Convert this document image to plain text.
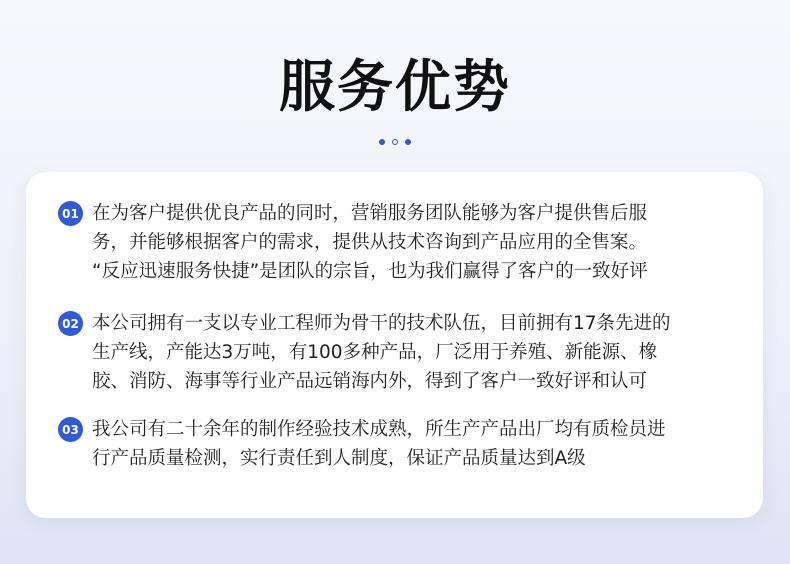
服务优势
01 在为客户提供优良产品的同时，营销服务团队能够为客户提供售后服
务，并能够根据客户的需求，提供从技术咨询到产品应用的全售案。
“反应迅速服务快捷”是团队的宗旨，也为我们赢得了客户的一致好评
02 本公司拥有一支以专业工程师为骨干的技术队伍，目前拥有17条先进的
生产线，产能达3万吨，有100多种产品，厂泛用于养殖、新能源、橡
胶、消防、海事等行业产品远销海内外，得到了客户一致好评和认可
03 我公司有二十余年的制作经验技术成熟，所生产产品出厂均有质检员进
行产品质量检测，实行责任到人制度，保证产品质量达到A级
